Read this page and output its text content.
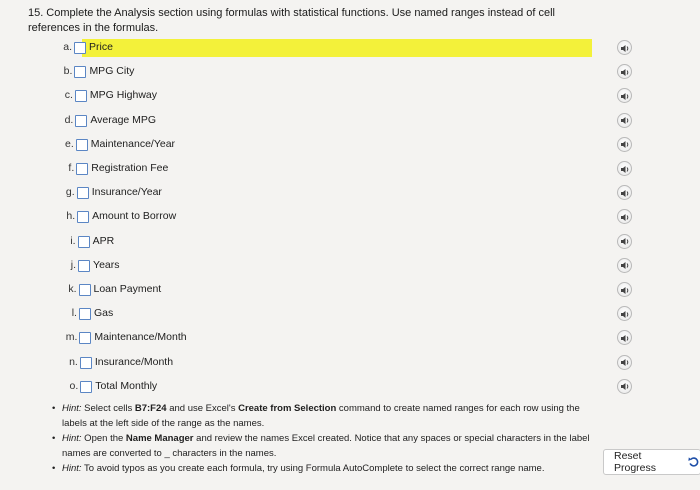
15. Complete the Analysis section using formulas with statistical functions. Use named ranges instead of cell references in the formulas.
a. Price
b. MPG City
c. MPG Highway
d. Average MPG
e. Maintenance/Year
f. Registration Fee
g. Insurance/Year
h. Amount to Borrow
i. APR
j. Years
k. Loan Payment
l. Gas
m. Maintenance/Month
n. Insurance/Month
o. Total Monthly
• Hint: Select cells B7:F24 and use Excel's Create from Selection command to create named ranges for each row using the labels at the left side of the range as the names.
• Hint: Open the Name Manager and review the names Excel created. Notice that any spaces or special characters in the label names are converted to _ characters in the names.
• Hint: To avoid typos as you create each formula, try using Formula AutoComplete to select the correct range name.
Reset Progress
